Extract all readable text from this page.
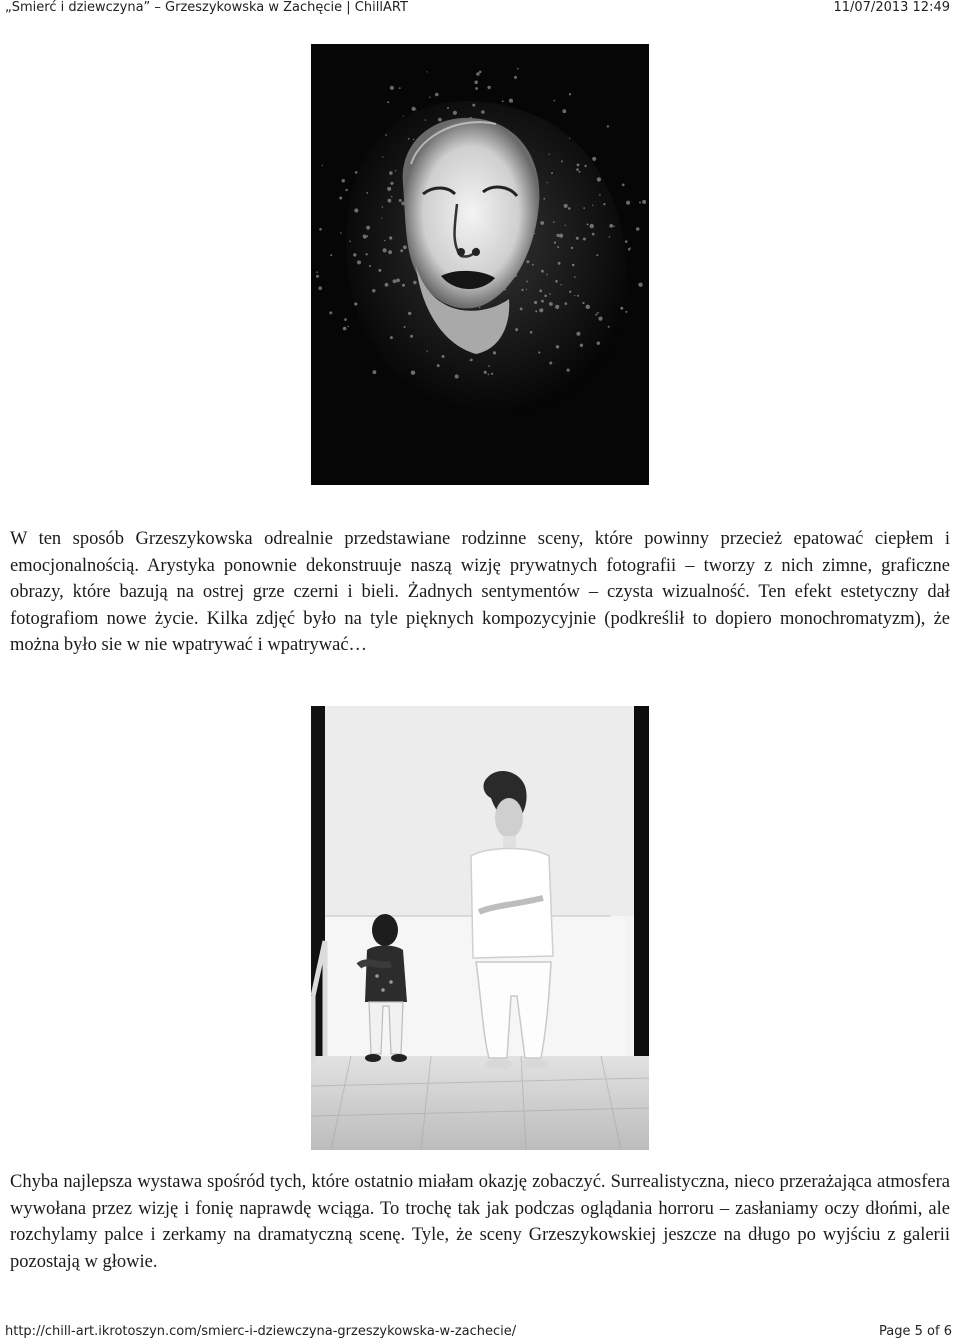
„Śmierć i dziewczyna” – Grzeszykowska w Zachęcie | ChillART	11/07/2013 12:49

W ten sposób Grzeszykowska odrealnie przedstawiane rodzinne sceny, które powinny przecież epatować ciepłem i emocjonalnością. Arystyka ponownie dekonstruuje naszą wizję prywatnych fotografii – tworzy z nich zimne, graficzne obrazy, które bazują na ostrej grze czerni i bieli. Żadnych sentymentów – czysta wizualność. Ten efekt estetyczny dał fotografiom nowe życie. Kilka zdjęć było na tyle pięknych kompozycyjnie (podkreślił to dopiero monochromatyzm), że można było sie w nie wpatrywać i wpatrywać…

Chyba najlepsza wystawa spośród tych, które ostatnio miałam okazję zobaczyć. Surrealistyczna, nieco przerażająca atmosfera wywołana przez wizję i fonię naprawdę wciąga. To trochę tak jak podczas oglądania horroru – zasłaniamy oczy dłońmi, ale rozchylamy palce i zerkamy na dramatyczną scenę. Tyle, że sceny Grzeszykowskiej jeszcze na długo po wyjściu z galerii pozostają w głowie.

http://chill-art.ikrotoszyn.com/smierc-i-dziewczyna-grzeszykowska-w-zachecie/	Page 5 of 6
